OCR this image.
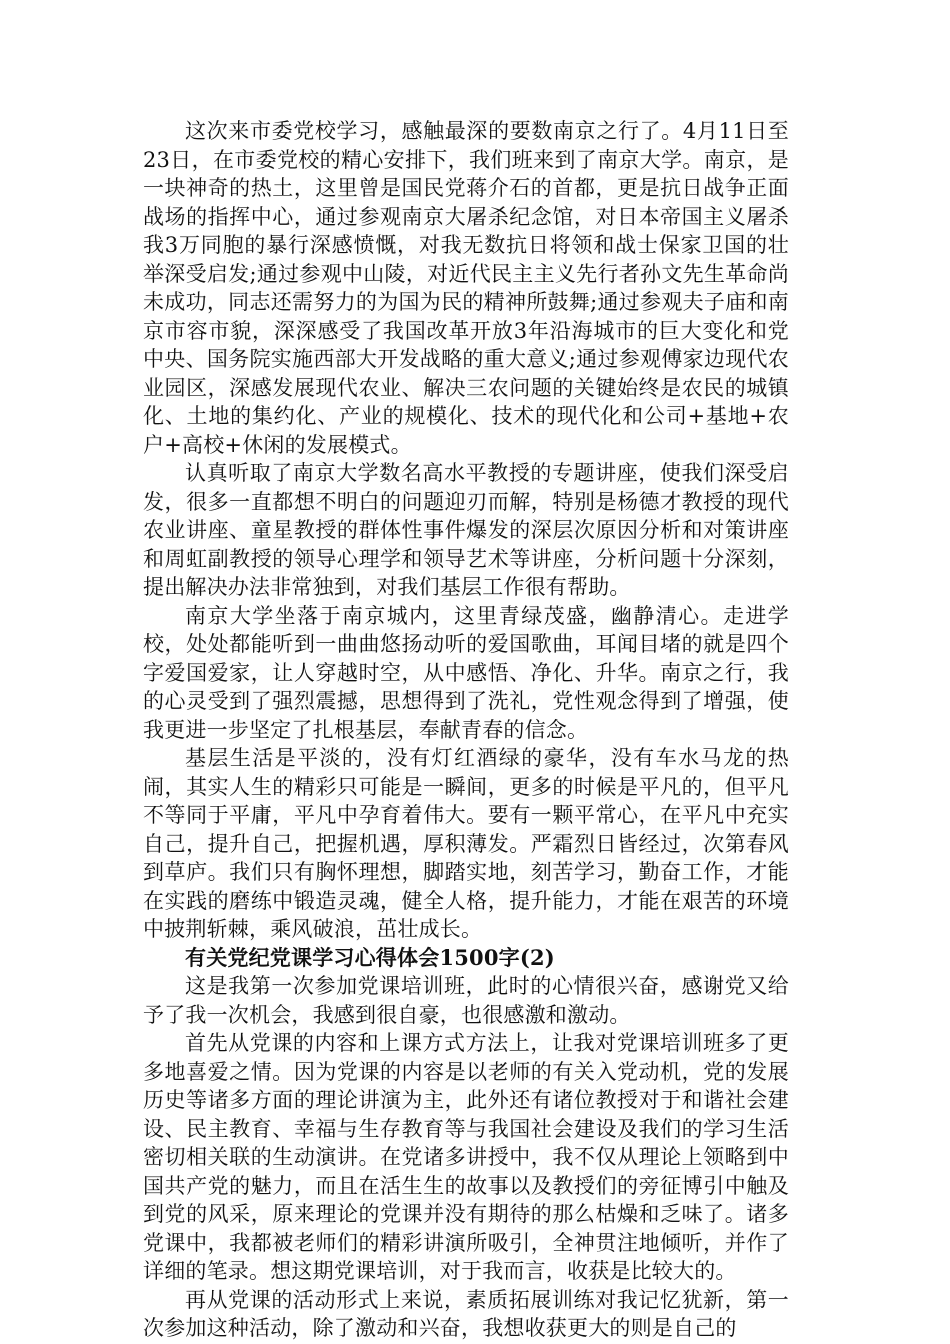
这次来市委党校学习，感触最深的要数南京之行了。4月11日至23日，在市委党校的精心安排下，我们班来到了南京大学。南京，是一块神奇的热土，这里曾是国民党蒋介石的首都，更是抗日战争正面战场的指挥中心，通过参观南京大屠杀纪念馆，对日本帝国主义屠杀我3万同胞的暴行深感愤慨，对我无数抗日将领和战士保家卫国的壮举深受启发;通过参观中山陵，对近代民主主义先行者孙文先生革命尚未成功，同志还需努力的为国为民的精神所鼓舞;通过参观夫子庙和南京市容市貌，深深感受了我国改革开放3年沿海城市的巨大变化和党中央、国务院实施西部大开发战略的重大意义;通过参观傅家边现代农业园区，深感发展现代农业、解决三农问题的关键始终是农民的城镇化、土地的集约化、产业的规模化、技术的现代化和公司+基地+农户+高校+休闲的发展模式。

认真听取了南京大学数名高水平教授的专题讲座，使我们深受启发，很多一直都想不明白的问题迎刃而解，特别是杨德才教授的现代农业讲座、童星教授的群体性事件爆发的深层次原因分析和对策讲座和周虹副教授的领导心理学和领导艺术等讲座，分析问题十分深刻，提出解决办法非常独到，对我们基层工作很有帮助。

南京大学坐落于南京城内，这里青绿茂盛，幽静清心。走进学校，处处都能听到一曲曲悠扬动听的爱国歌曲，耳闻目堵的就是四个字爱国爱家，让人穿越时空，从中感悟、净化、升华。南京之行，我的心灵受到了强烈震撼，思想得到了洗礼，党性观念得到了增强，使我更进一步坚定了扎根基层，奉献青春的信念。

基层生活是平淡的，没有灯红酒绿的豪华，没有车水马龙的热闹，其实人生的精彩只可能是一瞬间，更多的时候是平凡的，但平凡不等同于平庸，平凡中孕育着伟大。要有一颗平常心，在平凡中充实自己，提升自己，把握机遇，厚积薄发。严霜烈日皆经过，次第春风到草庐。我们只有胸怀理想，脚踏实地，刻苦学习，勤奋工作，才能在实践的磨练中锻造灵魂，健全人格，提升能力，才能在艰苦的环境中披荆斩棘，乘风破浪，茁壮成长。

有关党纪党课学习心得体会1500字(2)

这是我第一次参加党课培训班，此时的心情很兴奋，感谢党又给予了我一次机会，我感到很自豪，也很感激和激动。

首先从党课的内容和上课方式方法上，让我对党课培训班多了更多地喜爱之情。因为党课的内容是以老师的有关入党动机，党的发展历史等诸多方面的理论讲演为主，此外还有诸位教授对于和谐社会建设、民主教育、幸福与生存教育等与我国社会建设及我们的学习生活密切相关联的生动演讲。在党诸多讲授中，我不仅从理论上领略到中国共产党的魅力，而且在活生生的故事以及教授们的旁征博引中触及到党的风采，原来理论的党课并没有期待的那么枯燥和乏味了。诸多党课中，我都被老师们的精彩讲演所吸引，全神贯注地倾听，并作了详细的笔录。想这期党课培训，对于我而言，收获是比较大的。

再从党课的活动形式上来说，素质拓展训练对我记忆犹新，第一次参加这种活动，除了激动和兴奋，我想收获更大的则是自己的
